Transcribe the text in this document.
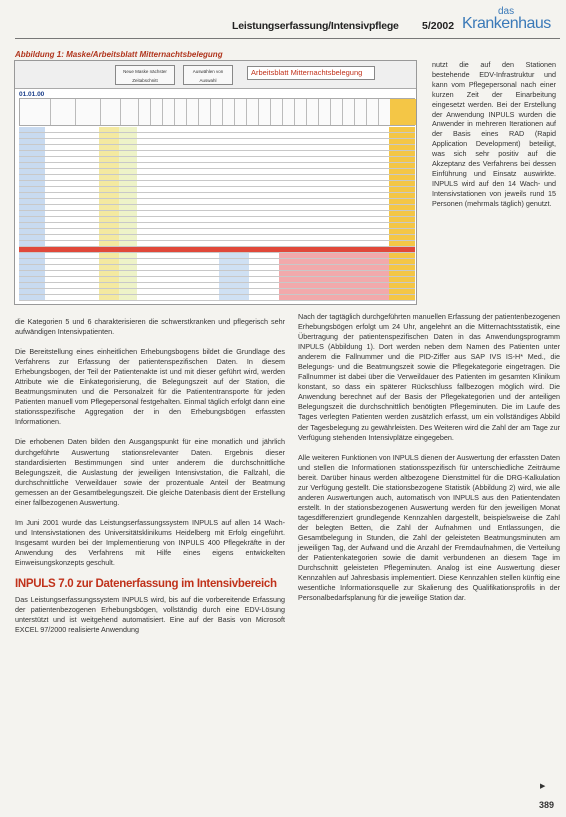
Leistungserfassung/Intensivpflege 5/2002
das
Krankenhaus
Abbildung 1: Maske/Arbeitsblatt Mitternachtsbelegung
Neue Maske nächster Zeitabschnitt
Auswählen von Auswahl
Arbeitsblatt Mitternachtsbelegung
01.01.00

nutzt die auf den Stationen bestehende EDV-Infrastruktur und kann vom Pflegepersonal nach einer kurzen Zeit der Einarbeitung eingesetzt werden. Bei der Erstellung der Anwendung INPULS wurden die Anwender in mehreren Iterationen auf der Basis eines RAD (Rapid Application Development) beteiligt, was sich sehr positiv auf die Akzeptanz des Verfahrens bei dessen Einführung und Einsatz auswirkte. INPULS wird auf den 14 Wach- und Intensivstationen von jeweils rund 15 Personen (mehrmals täglich) genutzt.

die Kategorien 5 und 6 charakterisieren die schwerstkranken und pflegerisch sehr aufwändigen Intensivpatienten.

Die Bereitstellung eines einheitlichen Erhebungsbogens bildet die Grundlage des Verfahrens zur Erfassung der patientenspezifischen Daten. In diesem Erhebungsbogen, der Teil der Patientenakte ist und mit dieser geführt wird, werden Attribute wie die Einkategorisierung, die Belegungszeit auf der Station, die Beatmungsminuten und die Personalzeit für die Patiententransporte für jeden Patienten manuell vom Pflegepersonal festgehalten. Einmal täglich erfolgt dann eine stationsspezifische Aggregation der in den Erhebungsbögen erfassten Informationen.

Die erhobenen Daten bilden den Ausgangspunkt für eine monatlich und jährlich durchgeführte Auswertung stationsrelevanter Daten. Ergebnis dieser standardisierten Bestimmungen sind unter anderem die durchschnittliche Belegungszeit, die Auslastung der jeweiligen Intensivstation, die Fallzahl, die durchschnittliche Verweildauer sowie der prozentuale Anteil der Beatmung gemessen an der Gesamtbelegungszeit. Die gleiche Datenbasis dient der Erstellung einer fallbezogenen Auswertung.

Im Juni 2001 wurde das Leistungserfassungssystem INPULS auf allen 14 Wach- und Intensivstationen des Universitätsklinikums Heidelberg mit Erfolg eingeführt. Insgesamt wurden bei der Implementierung von INPULS 400 Pflegekräfte in der Anwendung des Verfahrens mit Hilfe eines eigens entwickelten Einweisungskonzepts geschult.

INPULS 7.0 zur Datenerfassung im Intensivbereich

Das Leistungserfassungssystem INPULS wird, bis auf die vorbereitende Erfassung der patientenbezogenen Erhebungsbögen, vollständig durch eine EDV-Lösung unterstützt und ist weitgehend automatisiert. Eine auf der Basis von Microsoft EXCEL 97/2000 realisierte Anwendung

Nach der tagtäglich durchgeführten manuellen Erfassung der patientenbezogenen Erhebungsbögen erfolgt um 24 Uhr, angelehnt an die Mitternachtsstatistik, eine Übertragung der patientenspezifischen Daten in das Anwendungsprogramm INPULS (Abbildung 1). Dort werden neben dem Namen des Patienten unter anderem die Fallnummer und die PID-Ziffer aus SAP IVS IS-H* Med., die Belegungs- und die Beatmungszeit sowie die Pflegekategorie eingetragen. Die Fallnummer ist dabei über die Verweildauer des Patienten im gesamten Klinikum konstant, so dass ein späterer Rückschluss fallbezogen möglich wird. Die Anwendung berechnet auf der Basis der Pflegekategorien und der anteiligen Belegungszeit die durchschnittlich benötigten Pflegeminuten. Die im Laufe des Tages verlegten Patienten werden zusätzlich erfasst, um ein vollständiges Abbild der Tagesbelegung zu gewährleisten. Des Weiteren wird die Zahl der am Tage zur Verfügung stehenden Intensivplätze eingegeben.

Alle weiteren Funktionen von INPULS dienen der Auswertung der erfassten Daten und stellen die Informationen stationsspezifisch für unterschiedliche Zeiträume bereit. Darüber hinaus werden altbezogene Dienstmittel für die DRG-Kalkulation zur Verfügung gestellt. Die stationsbezogene Statistik (Abbildung 2) wird, wie alle anderen Auswertungen auch, automatisch von INPULS aus den Patientendaten erstellt. In der stationsbezogenen Auswertung werden für den jeweiligen Monat tagesdifferenziert grundlegende Kennzahlen dargestellt, beispielsweise die Zahl der belegten Betten, die Zahl der Aufnahmen und Entlassungen, die Gesamtbelegung in Stunden, die Zahl der geleisteten Beatmungsminuten am jeweiligen Tag, der Aufwand und die Anzahl der Fremdaufnahmen, die Verteilung der Patientenkategorien sowie die damit verbundenen an diesem Tage im Durchschnitt geleisteten Pflegeminuten. Analog ist eine Auswertung dieser Kennzahlen auf Jahresbasis implementiert. Diese Kennzahlen stellen künftig eine wesentliche Informationsquelle zur Skalierung des Qualifikationsprofils in der Personalbedarfsplanung für die jeweilige Station dar.

▶
389
